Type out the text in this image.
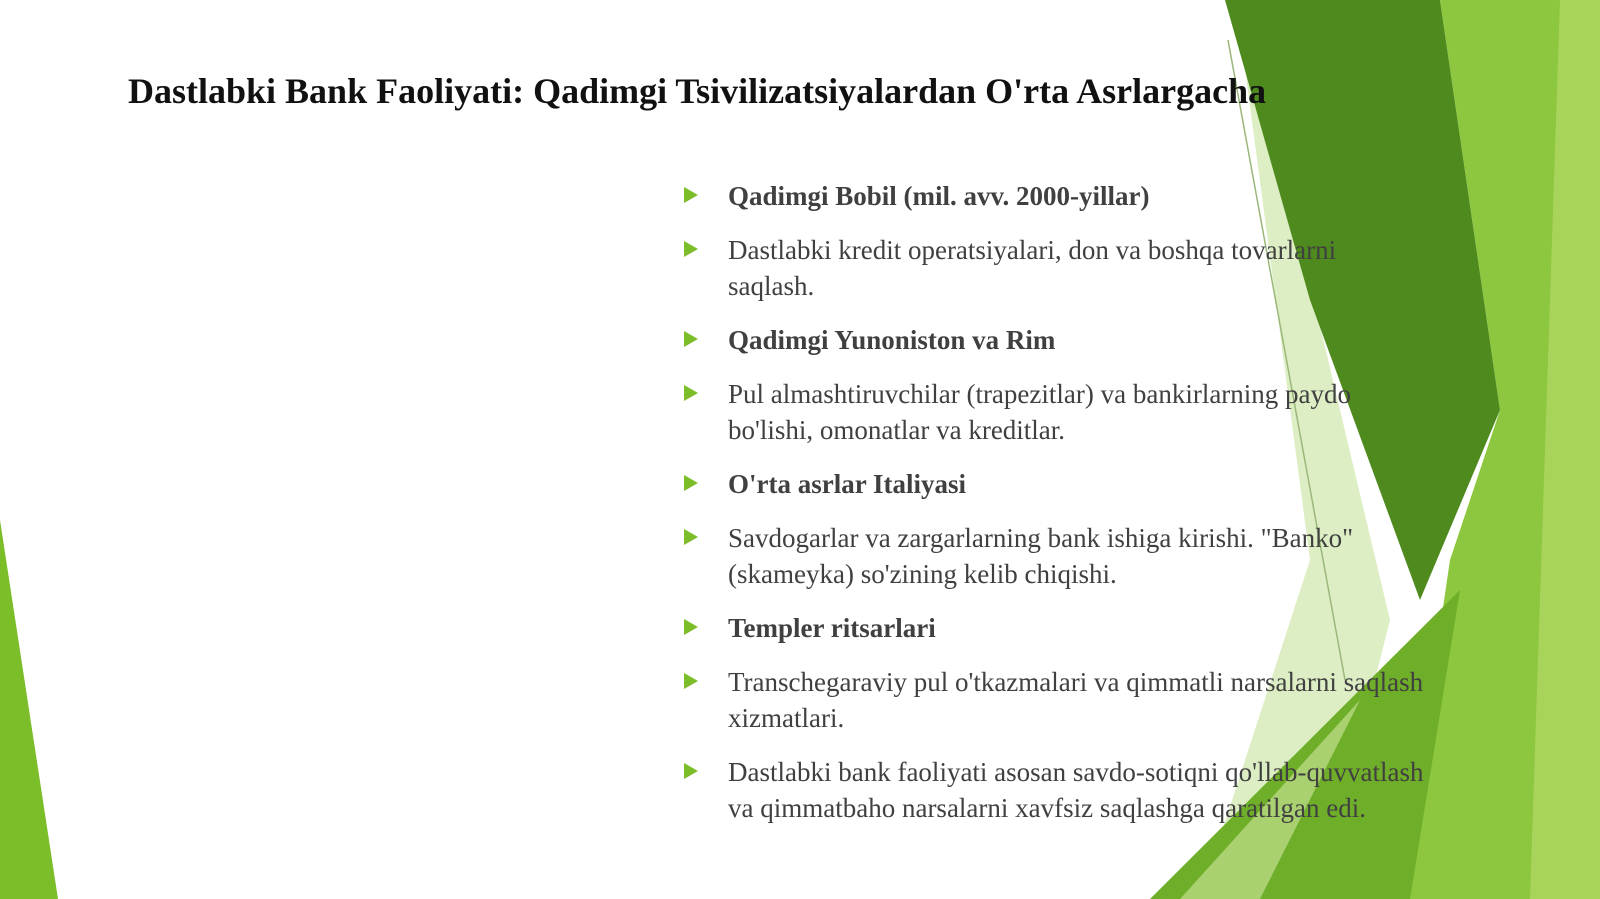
Dastlabki Bank Faoliyati: Qadimgi Tsivilizatsiyalardan O'rta Asrlargacha
Qadimgi Bobil (mil. avv. 2000-yillar)
Dastlabki kredit operatsiyalari, don va boshqa tovarlarni saqlash.
Qadimgi Yunoniston va Rim
Pul almashtiruvchilar (trapezitlar) va bankirlarning paydo bo'lishi, omonatlar va kreditlar.
O'rta asrlar Italiyasi
Savdogarlar va zargarlarning bank ishiga kirishi. "Banko" (skameyka) so'zining kelib chiqishi.
Templer ritsarlari
Transchegaraviy pul o'tkazmalari va qimmatli narsalarni saqlash xizmatlari.
Dastlabki bank faoliyati asosan savdo-sotiqni qo'llab-quvvatlash va qimmatbaho narsalarni xavfsiz saqlashga qaratilgan edi.
